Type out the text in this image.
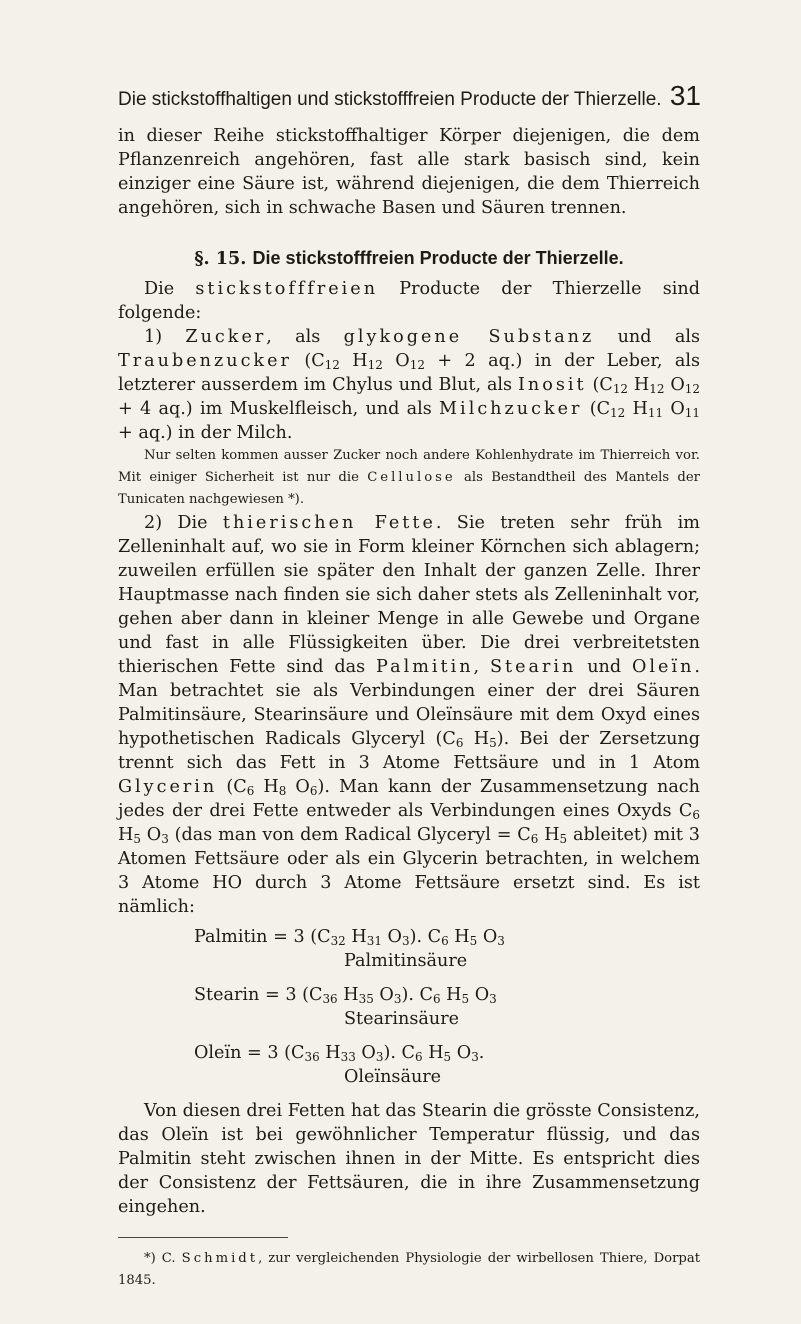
Die stickstoffhaltigen und stickstofffreien Producte der Thierzelle. 31

in dieser Reihe stickstoffhaltiger Körper diejenigen, die dem Pflanzenreich angehören, fast alle stark basisch sind, kein einziger eine Säure ist, während diejenigen, die dem Thierreich angehören, sich in schwache Basen und Säuren trennen.

§. 15. Die stickstofffreien Producte der Thierzelle.

Die stickstofffreien Producte der Thierzelle sind folgende:

1) Zucker, als glykogene Substanz und als Traubenzucker ($C_{12}$ $H_{12}$ $O_{12} + 2$ aq.) in der Leber, als letzterer ausserdem im Chylus und Blut, als Inosit ($C_{12}$ $H_{12}$ $O_{12} + 4$ aq.) im Muskelfleisch, und als Milchzucker ($C_{12}$ $H_{11}$ $O_{11} + aq$.) in der Milch.

Nur selten kommen ausser Zucker noch andere Kohlenhydrate im Thierreich vor. Mit einiger Sicherheit ist nur die Cellulose als Bestandtheil des Mantels der Tunicaten nachgewiesen *).

2) Die thierischen Fette. Sie treten sehr früh im Zelleninhalt auf, wo sie in Form kleiner Körnchen sich ablagern; zuweilen erfüllen sie später den Inhalt der ganzen Zelle. Ihrer Hauptmasse nach finden sie sich daher stets als Zelleninhalt vor, gehen aber dann in kleiner Menge in alle Gewebe und Organe und fast in alle Flüssigkeiten über. Die drei verbreitetsten thierischen Fette sind das Palmitin, Stearin und Oleïn. Man betrachtet sie als Verbindungen einer der drei Säuren Palmitinsäure, Stearinsäure und Oleïnsäure mit dem Oxyd eines hypothetischen Radicals Glyceryl ($C_6$ $H_5$). Bei der Zersetzung trennt sich das Fett in 3 Atome Fettsäure und in 1 Atom Glycerin ($C_6$ $H_8$ $O_6$). Man kann der Zusammensetzung nach jedes der drei Fette entweder als Verbindungen eines Oxyds $C_6$ $H_5$ $O_3$ (das man von dem Radical Glyceryl = $C_6$ $H_5$ ableitet) mit 3 Atomen Fettsäure oder als ein Glycerin betrachten, in welchem 3 Atome HO durch 3 Atome Fettsäure ersetzt sind. Es ist nämlich:

Palmitin = 3 ($C_{32}$ $H_{31}$ $O_3$). $C_6$ $H_5$ $O_3$
Palmitinsäure
Stearin = 3 ($C_{36}$ $H_{35}$ $O_3$). $C_6$ $H_5$ $O_3$
Stearinsäure
Oleïn = 3 ($C_{36}$ $H_{33}$ $O_3$). $C_6$ $H_5$ $O_3$.
Oleïnsäure

Von diesen drei Fetten hat das Stearin die grösste Consistenz, das Oleïn ist bei gewöhnlicher Temperatur flüssig, und das Palmitin steht zwischen ihnen in der Mitte. Es entspricht dies der Consistenz der Fettsäuren, die in ihre Zusammensetzung eingehen.

*) C. Schmidt, zur vergleichenden Physiologie der wirbellosen Thiere, Dorpat 1845.
